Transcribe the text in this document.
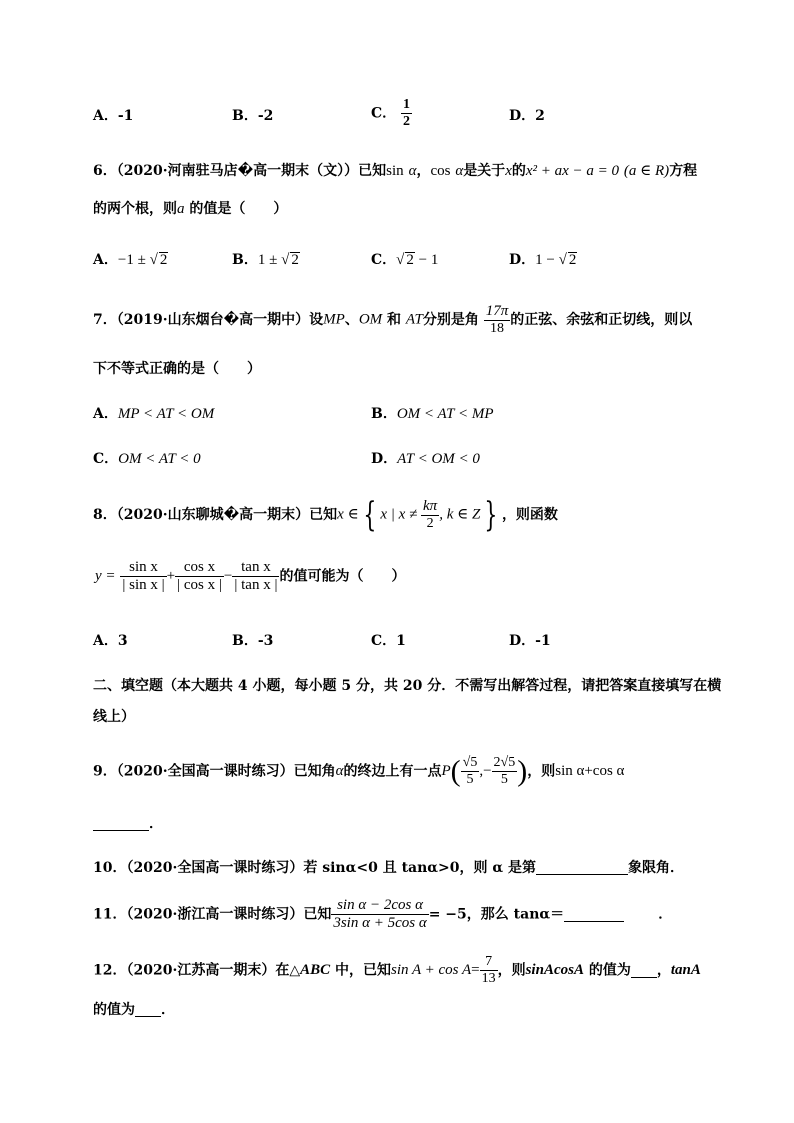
A．-1	B．-2	C． $\frac{1}{2}$	D．2
6．（2020·河南驻马店�高一期末（文））已知sin α，cos α是关于x的x² + ax − a = 0 (a ∈ R)方程
的两个根，则a 的值是（　　）
A．−1 ± √ 2	B．1 ± √ 2	C．√ 2 − 1	D．1 − √ 2
7．（2019·山东烟台�高一期中）设MP、OM 和 AT分别是角 $\frac{17\pi}{18}$ 的正弦、余弦和正切线，则以
下不等式正确的是（　　）
A．MP < AT < OM	B．OM < AT < MP
C．OM < AT < 0	D．AT < OM < 0
8．（2020·山东聊城�高一期末）已知x ∈ { x | $x \ne \frac{k\pi}{2}$ , k ∈ Z } ，则函数
$y = \frac{\text{sin x}}{\text{| sin x |}} + \frac{\text{cos x}}{\text{| cos x |}} - \frac{\text{tan x}}{\text{| tan x |}}$ 的值可能为（　　）
A．3	B．-3	C．1	D．-1
二、填空题（本大题共 4 小题，每小题 5 分，共 20 分．不需写出解答过程，请把答案直接填写在横
线上）
9．（2020·全国高一课时练习）已知角α的终边上有一点$P( \frac{√5}{5}$ ,− $\frac{2√5}{5}$ )，则sin α+cos α
．
10．（2020·全国高一课时练习）若 sinα<0 且 tanα>0，则 α 是第	象限角．
11．（2020·浙江高一课时练习）已知 $\frac{\text{sin α − 2cos α}}{\text{3sin α + 5cos α}} = -5$，那么 tanα＝	．
12．（2020·江苏高一期末）在△ABC 中，已知$\sin A + \cos A= \frac{7}{13}$ ，则sinAcosA 的值为 ，tanA
的值为 ．
